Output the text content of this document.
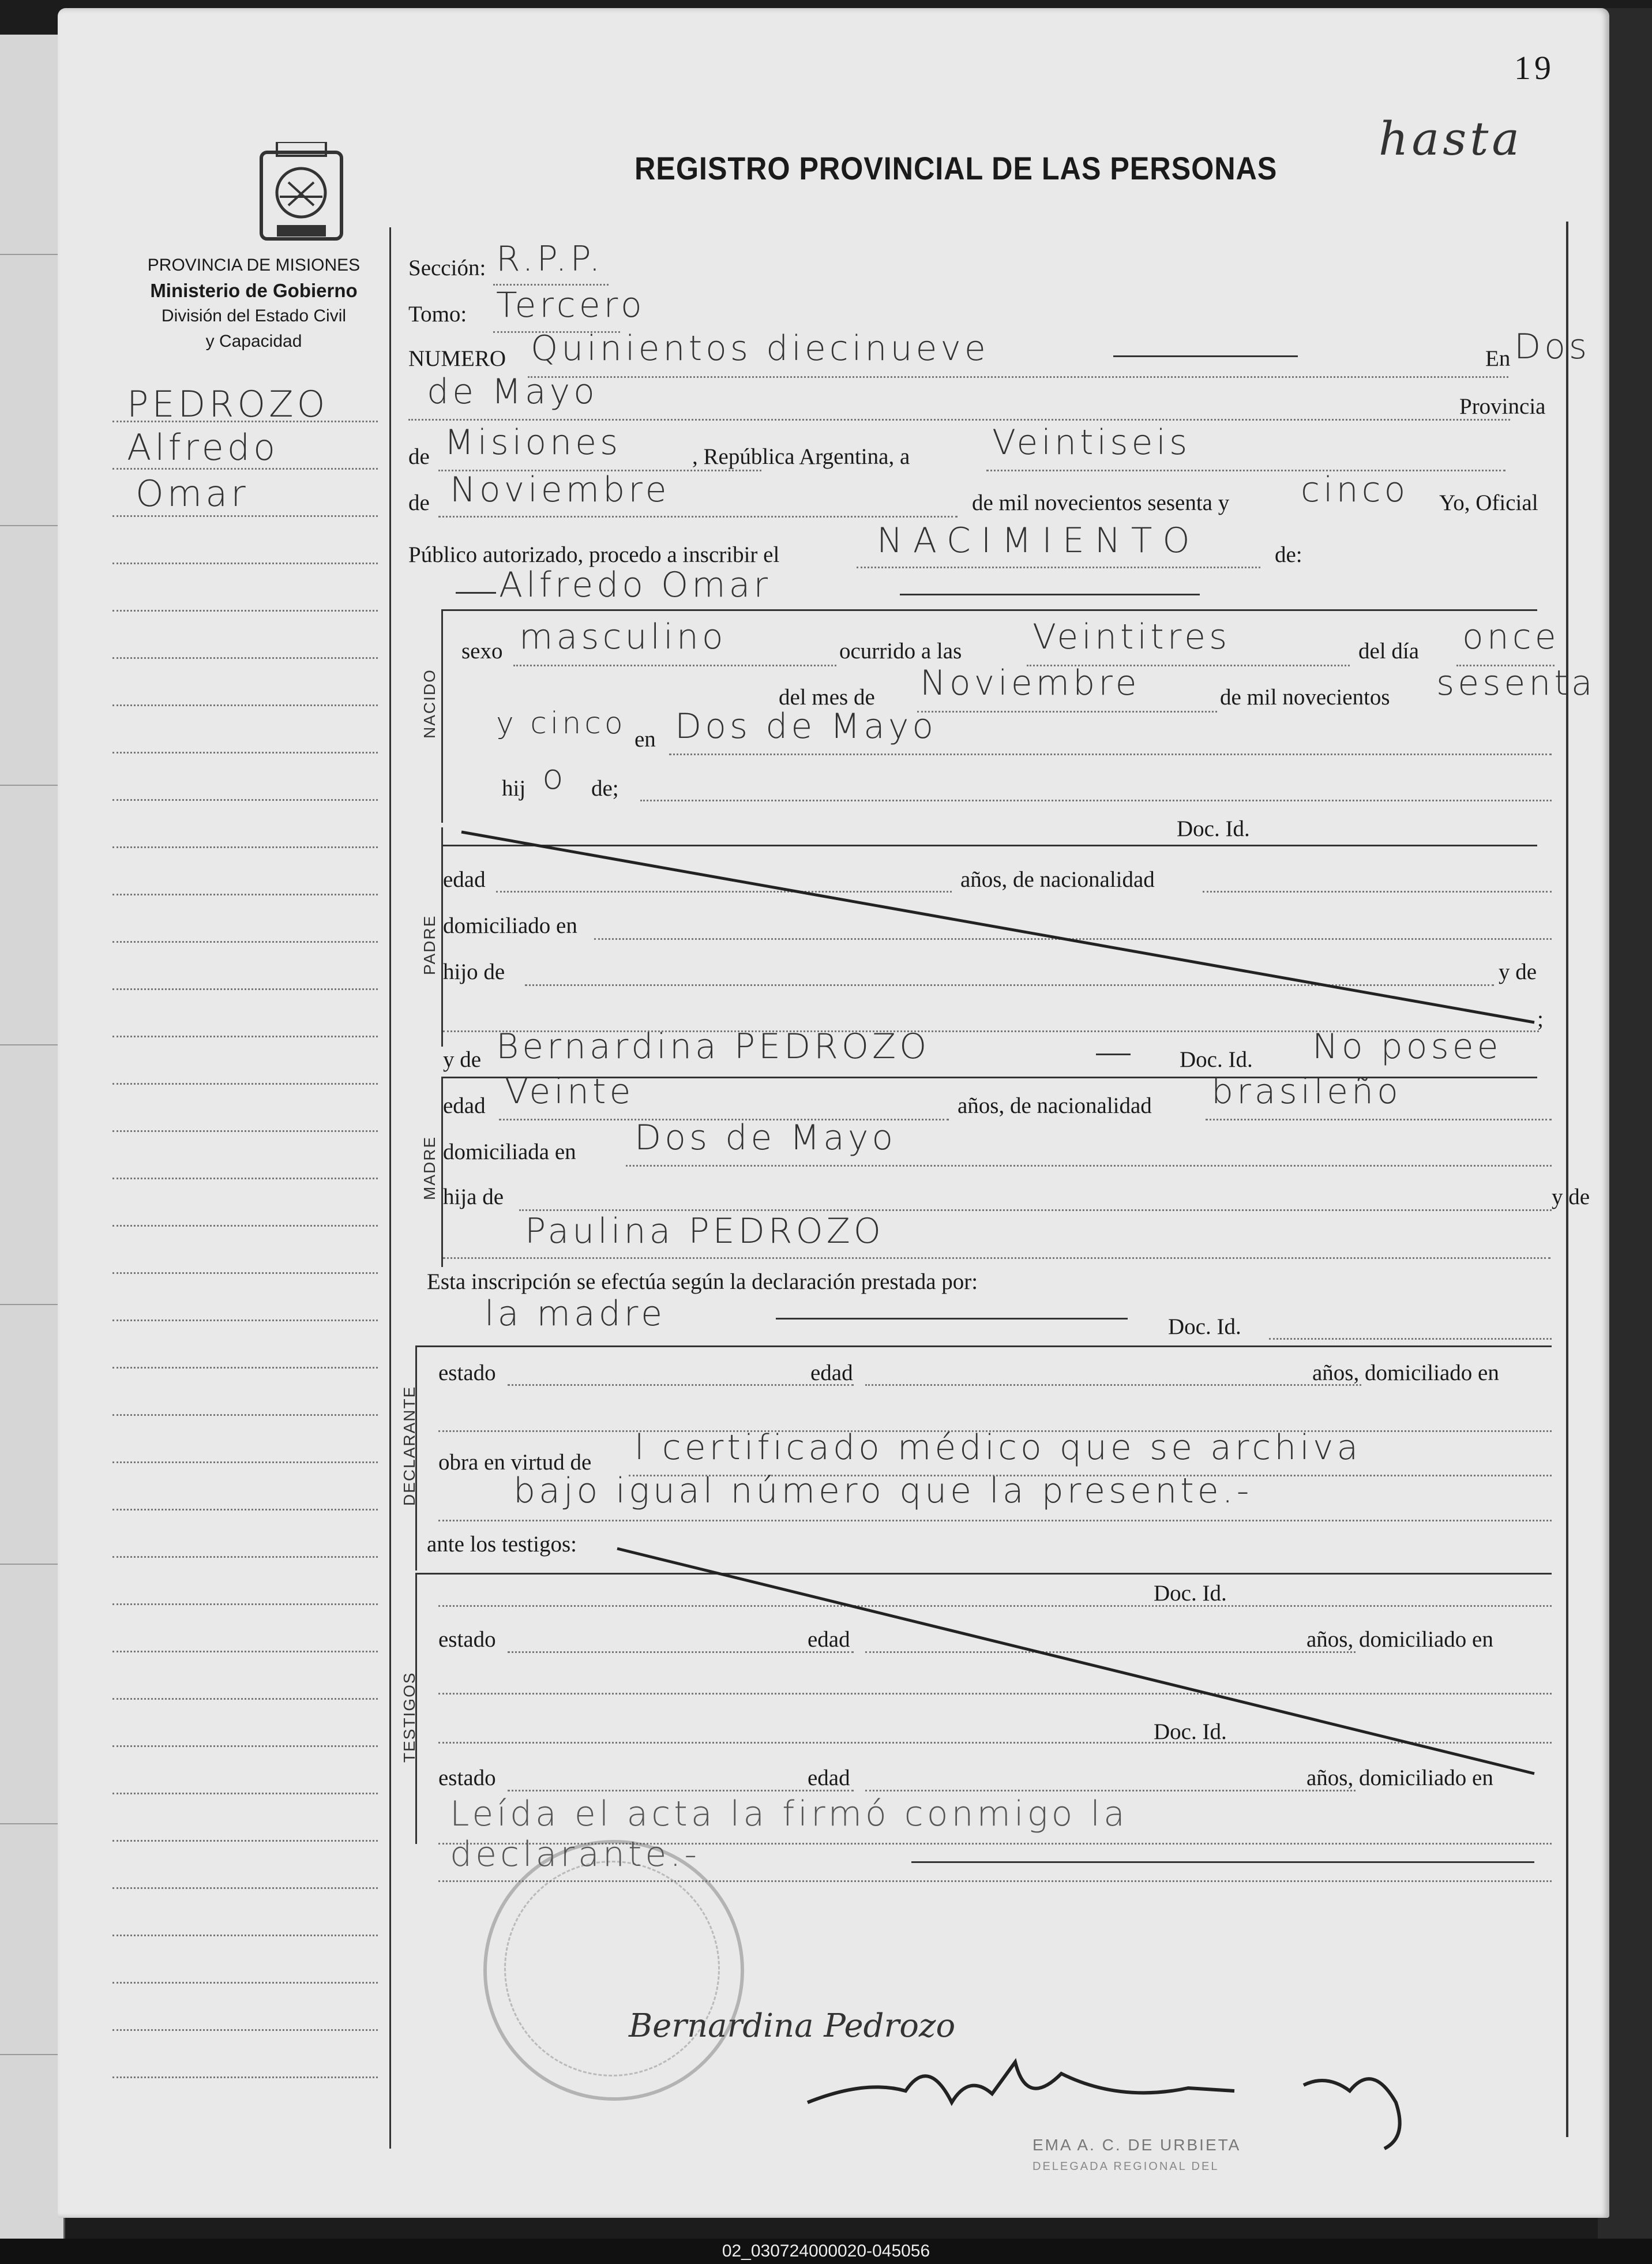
19
hasta
PROVINCIA DE MISIONES
Ministerio de Gobierno
División del Estado Civil
y Capacidad
REGISTRO PROVINCIAL DE LAS PERSONAS
PEDROZO
Alfredo
Omar
Sección: R.P.P.
Tomo: Tercero
NUMERO Quinientos diecinueve	En Dos
de Mayo	Provincia
de Misiones	, República Argentina, a Veintiseis
de Noviembre	de mil novecientos sesenta y cinco Yo, Oficial
Público autorizado, procedo a inscribir el	NACIMIENTO	de:
Alfredo Omar
NACIDO
sexo masculino	ocurrido a las Veintitres	del día once
del mes de Noviembre	de mil novecientos sesenta
y cinco en Dos de Mayo
hij o de;
PADRE
Doc. Id.
edad	años, de nacionalidad
domiciliado en
hijo de	y de
;
y de Bernardina PEDROZO	Doc. Id. No posee
MADRE
edad Veinte	años, de nacionalidad brasileño
domiciliada en Dos de Mayo
hija de	y de
Paulina PEDROZO
Esta inscripción se efectúa según la declaración prestada por:
la madre	Doc. Id.
DECLARANTE
estado	edad	años, domiciliado en
obra en virtud de l certificado médico que se archiva
bajo igual número que la presente.-
ante los testigos:
TESTIGOS
Doc. Id.
estado	edad	años, domiciliado en
Doc. Id.
estado	edad	años, domiciliado en
Leída el acta la firmó conmigo la
declarante.-
Bernardina Pedrozo
EMA A. C. DE URBIETA
DELEGADA REGIONAL DEL
02_030724000020-045056
